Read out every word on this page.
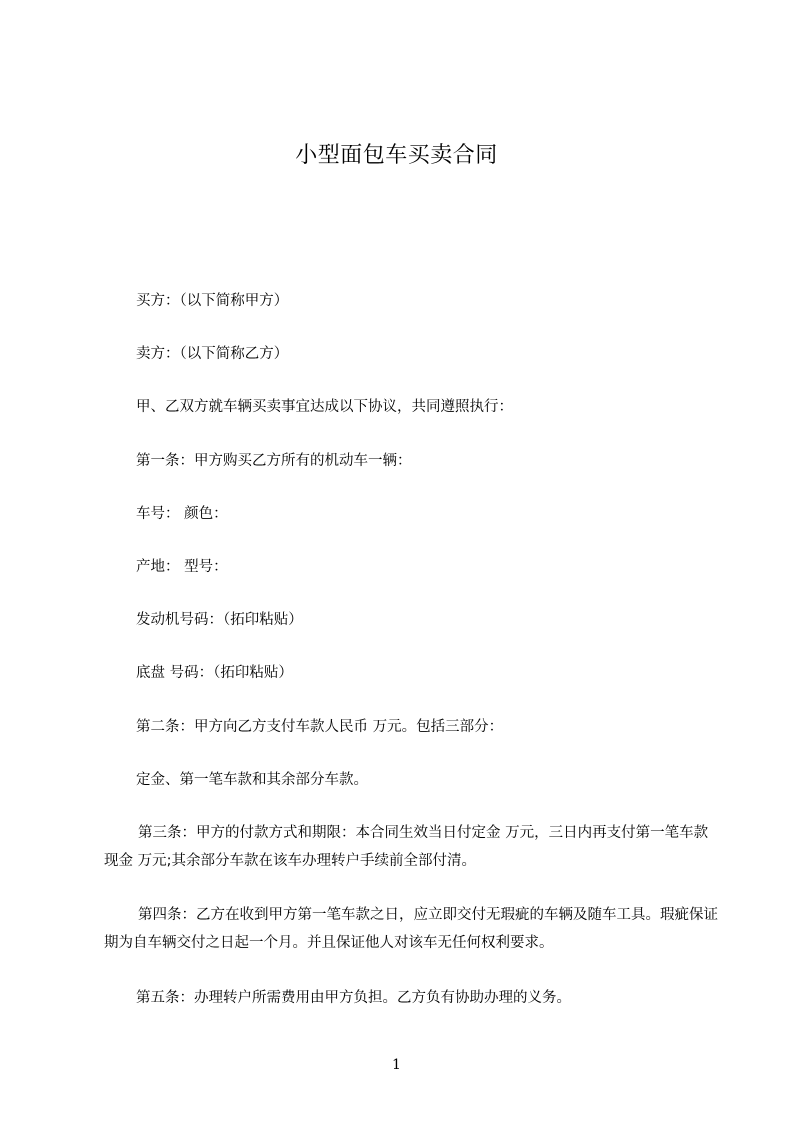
小型面包车买卖合同

买方：（以下简称甲方）

卖方：（以下简称乙方）

甲、乙双方就车辆买卖事宜达成以下协议，共同遵照执行：

第一条：甲方购买乙方所有的机动车一辆：

车号： 颜色：

产地： 型号：

发动机号码：（拓印粘贴）

底盘 号码：（拓印粘贴）

第二条：甲方向乙方支付车款人民币 万元。包括三部分：

定金、第一笔车款和其余部分车款。

第三条：甲方的付款方式和期限：本合同生效当日付定金 万元，三日内再支付第一笔车款现金 万元;其余部分车款在该车办理转户手续前全部付清。

第四条：乙方在收到甲方第一笔车款之日，应立即交付无瑕疵的车辆及随车工具。瑕疵保证期为自车辆交付之日起一个月。并且保证他人对该车无任何权利要求。

第五条：办理转户所需费用由甲方负担。乙方负有协助办理的义务。

1
